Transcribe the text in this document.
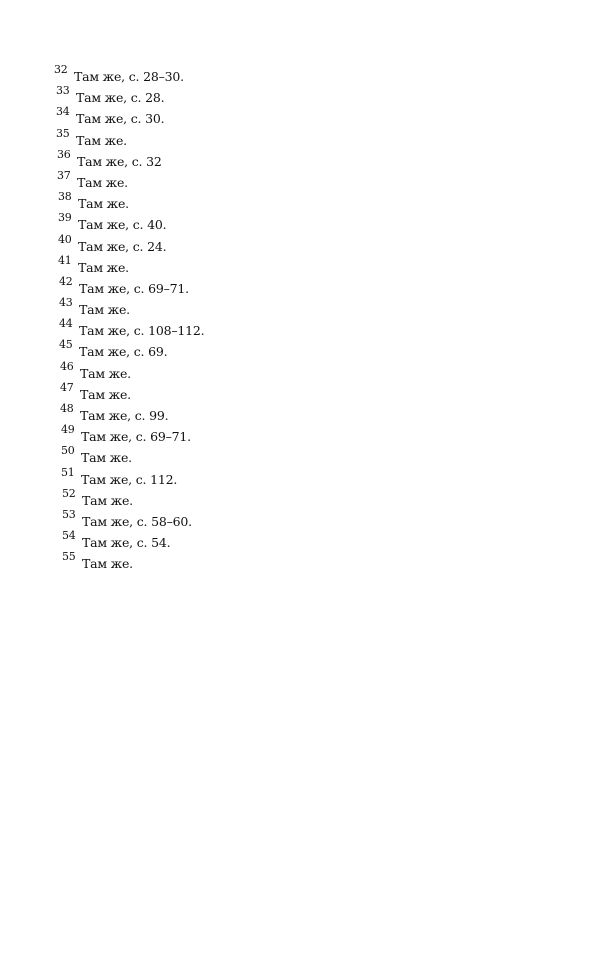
32 Там же, с. 28–30.
33 Там же, с. 28.
34 Там же, с. 30.
35 Там же.
36 Там же, с. 32
37 Там же.
38 Там же.
39 Там же, с. 40.
40 Там же, с. 24.
41 Там же.
42 Там же, с. 69–71.
43 Там же.
44 Там же, с. 108–112.
45 Там же, с. 69.
46 Там же.
47 Там же.
48 Там же, с. 99.
49 Там же, с. 69–71.
50 Там же.
51 Там же, с. 112.
52 Там же.
53 Там же, с. 58–60.
54 Там же, с. 54.
55 Там же.
